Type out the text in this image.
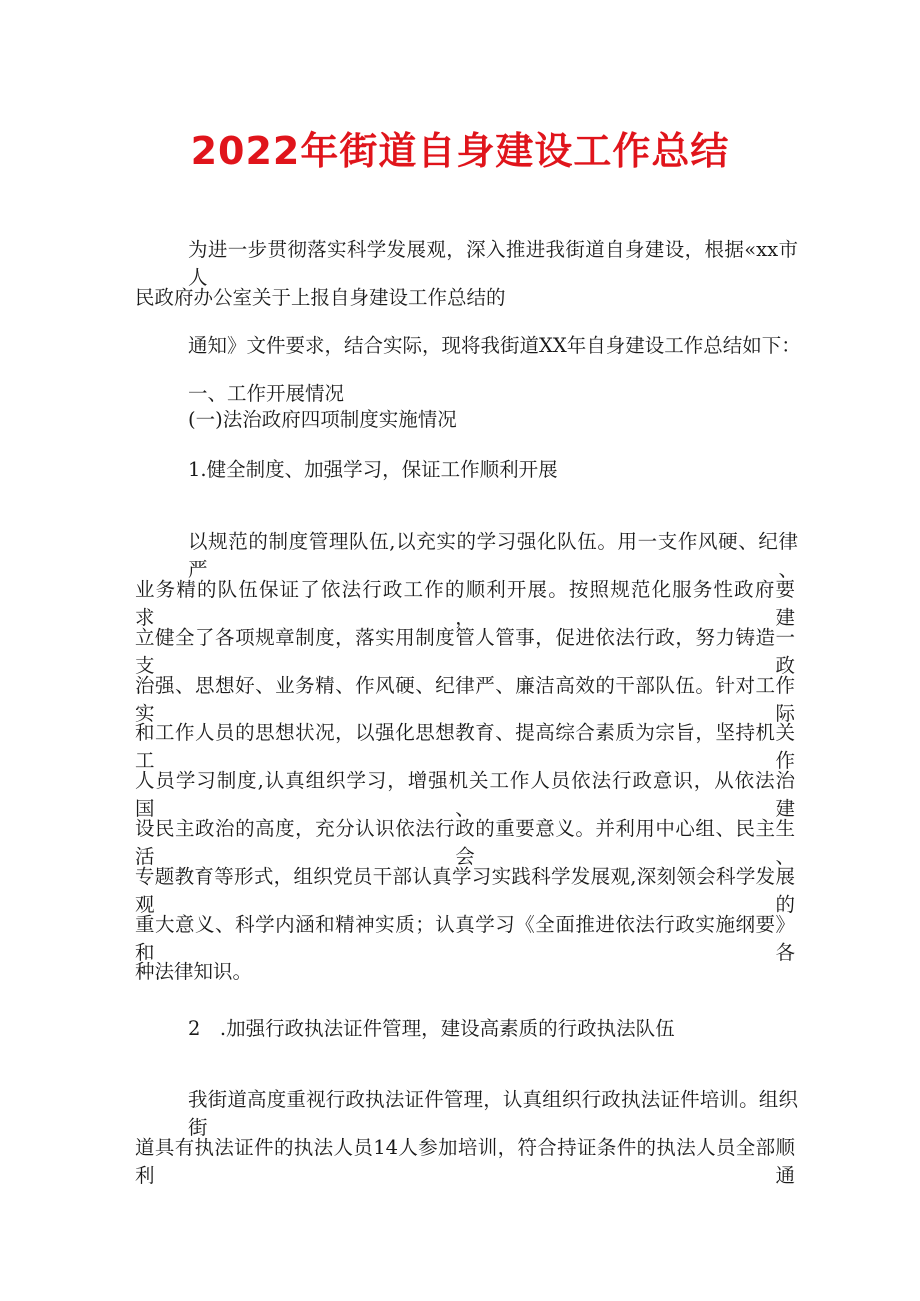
2022年街道自身建设工作总结

为进一步贯彻落实科学发展观，深入推进我街道自身建设，根据«xx市人

民政府办公室关于上报自身建设工作总结的

通知》文件要求，结合实际，现将我街道XX年自身建设工作总结如下：

一、工作开展情况

(一)法治政府四项制度实施情况

1.健全制度、加强学习，保证工作顺利开展

以规范的制度管理队伍,以充实的学习强化队伍。用一支作风硬、纪律严、

业务精的队伍保证了依法行政工作的顺利开展。按照规范化服务性政府要求，建

立健全了各项规章制度，落实用制度管人管事，促进依法行政，努力铸造一支政

治强、思想好、业务精、作风硬、纪律严、廉洁高效的干部队伍。针对工作实际

和工作人员的思想状况，以强化思想教育、提高综合素质为宗旨，坚持机关工作

人员学习制度,认真组织学习，增强机关工作人员依法行政意识，从依法治国、建

设民主政治的高度，充分认识依法行政的重要意义。并利用中心组、民主生活会、

专题教育等形式，组织党员干部认真学习实践科学发展观,深刻领会科学发展观的

重大意义、科学内涵和精神实质；认真学习《全面推进依法行政实施纲要》和各

种法律知识。

2　.加强行政执法证件管理，建设高素质的行政执法队伍

我街道高度重视行政执法证件管理，认真组织行政执法证件培训。组织街

道具有执法证件的执法人员14人参加培训，符合持证条件的执法人员全部顺利通
